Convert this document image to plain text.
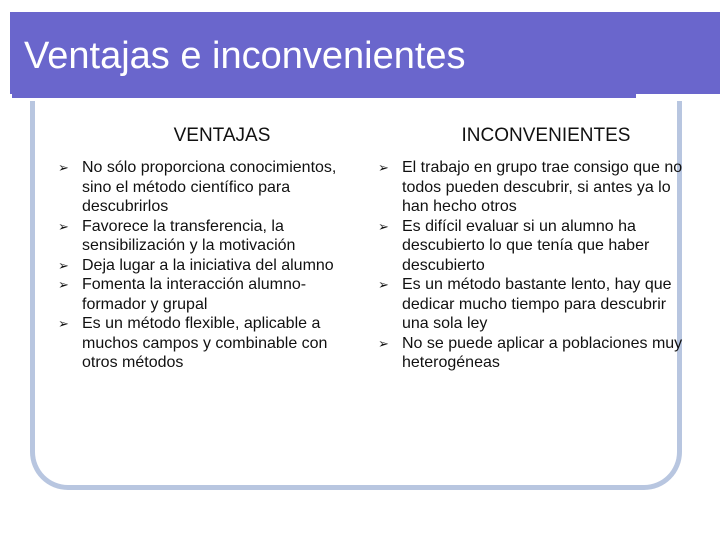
Ventajas e inconvenientes
VENTAJAS
➢ No sólo proporciona conocimientos, sino el método científico para descubrirlos
➢ Favorece la transferencia, la sensibilización y la motivación
➢ Deja lugar a la iniciativa del alumno
➢ Fomenta la interacción alumno-formador y grupal
➢ Es un método flexible, aplicable a muchos campos y combinable con otros métodos
INCONVENIENTES
➢ El trabajo en grupo trae consigo que no todos pueden descubrir, si antes ya lo han hecho otros
➢ Es difícil evaluar si un alumno ha descubierto lo que tenía que haber descubierto
➢ Es un método bastante lento, hay que dedicar mucho tiempo para descubrir una sola ley
➢ No se puede aplicar a poblaciones muy heterogéneas
